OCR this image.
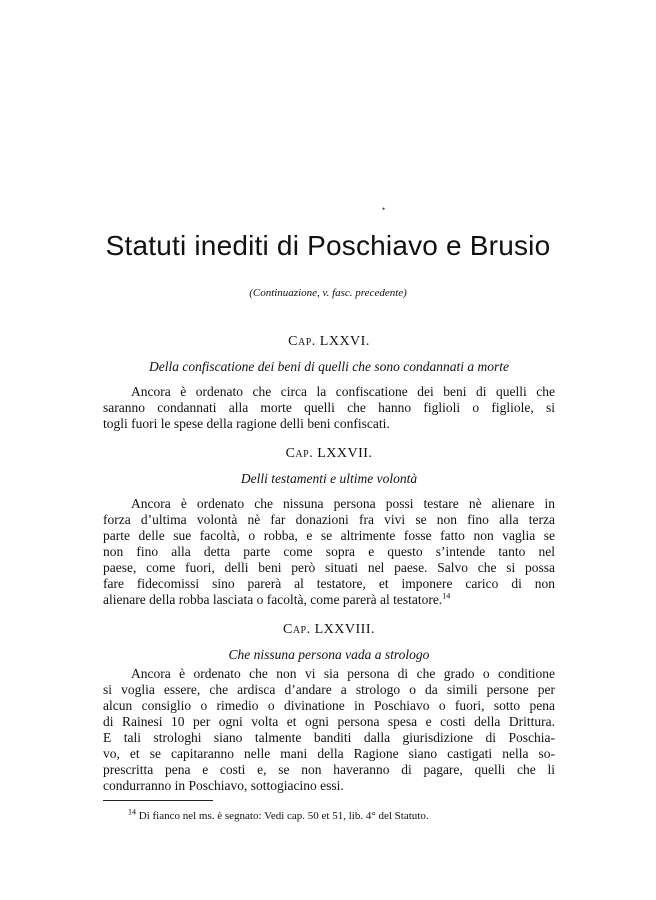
•
Statuti inediti di Poschiavo e Brusio
(Continuazione, v. fasc. precedente)
Cap. LXXVI.
Della confiscatione dei beni di quelli che sono condannati a morte
Ancora è ordenato che circa la confiscatione dei beni di quelli che
saranno condannati alla morte quelli che hanno figlioli o figliole, si
togli fuori le spese della ragione delli beni confiscati.
Cap. LXXVII.
Delli testamenti e ultime volontà
Ancora è ordenato che nissuna persona possi testare nè alienare in
forza d’ultima volontà nè far donazioni fra vivi se non fino alla terza
parte delle sue facoltà, o robba, e se altrimente fosse fatto non vaglia se
non fino alla detta parte come sopra e questo s’intende tanto nel
paese, come fuori, delli beni però situati nel paese. Salvo che si possa
fare fidecomissi sino parerà al testatore, et imponere carico di non
alienare della robba lasciata o facoltà, come parerà al testatore.$^{14}$
Cap. LXXVIII.
Che nissuna persona vada a strologo
Ancora è ordenato che non vi sia persona di che grado o conditione
si voglia essere, che ardisca d’andare a strologo o da simili persone per
alcun consiglio o rimedio o divinatione in Poschiavo o fuori, sotto pena
di Rainesi 10 per ogni volta et ogni persona spesa e costi della Drittura.
E tali strologhi siano talmente banditi dalla giurisdizione di Poschia-
vo, et se capitaranno nelle mani della Ragione siano castigati nella so-
prescritta pena e costi e, se non haveranno di pagare, quelli che li
condurranno in Poschiavo, sottogiacino essi.
$^{14}$ Di fianco nel ms. è segnato: Vedi cap. 50 et 51, lib. 4° del Statuto.
